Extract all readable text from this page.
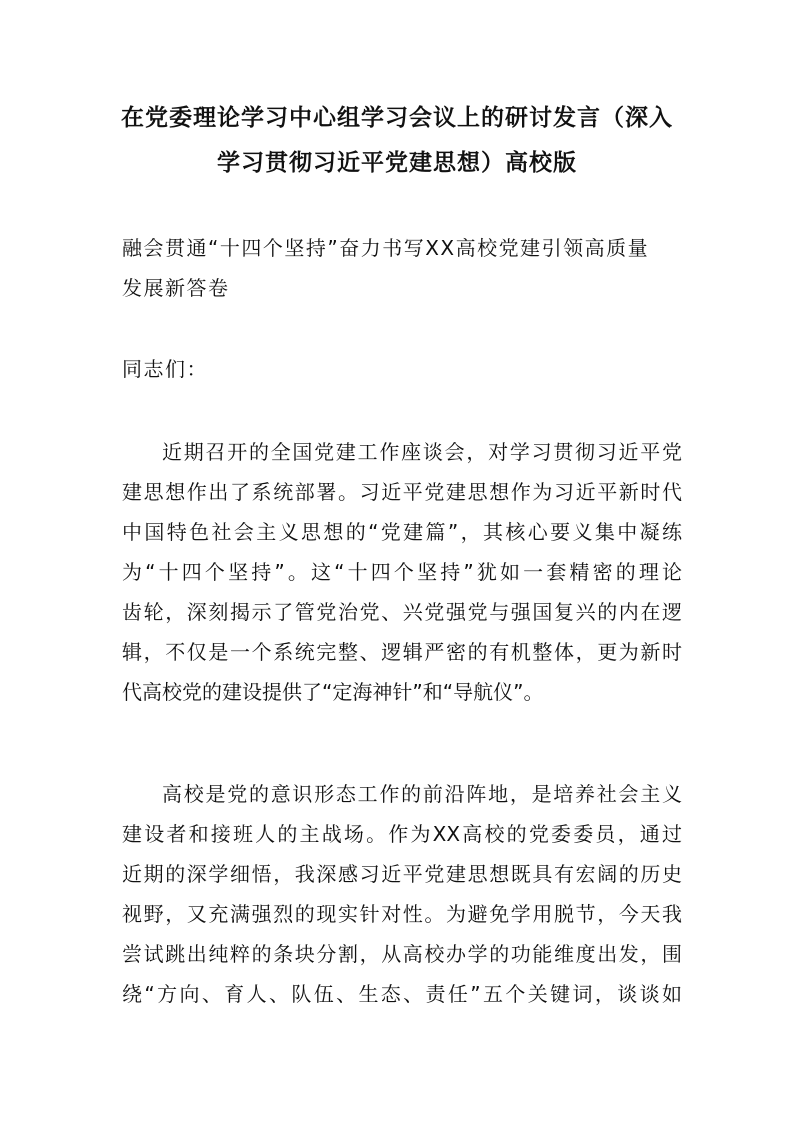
在党委理论学习中心组学习会议上的研讨发言（深入
学习贯彻习近平党建思想）高校版
融会贯通“十四个坚持”奋力书写XX高校党建引领高质量
发展新答卷
同志们：
近期召开的全国党建工作座谈会，对学习贯彻习近平党
建思想作出了系统部署。习近平党建思想作为习近平新时代
中国特色社会主义思想的“党建篇”，其核心要义集中凝练
为“十四个坚持”。这“十四个坚持”犹如一套精密的理论
齿轮，深刻揭示了管党治党、兴党强党与强国复兴的内在逻
辑，不仅是一个系统完整、逻辑严密的有机整体，更为新时
代高校党的建设提供了“定海神针”和“导航仪”。
高校是党的意识形态工作的前沿阵地，是培养社会主义
建设者和接班人的主战场。作为XX高校的党委委员，通过
近期的深学细悟，我深感习近平党建思想既具有宏阔的历史
视野，又充满强烈的现实针对性。为避免学用脱节，今天我
尝试跳出纯粹的条块分割，从高校办学的功能维度出发，围
绕“方向、育人、队伍、生态、责任”五个关键词，谈谈如
